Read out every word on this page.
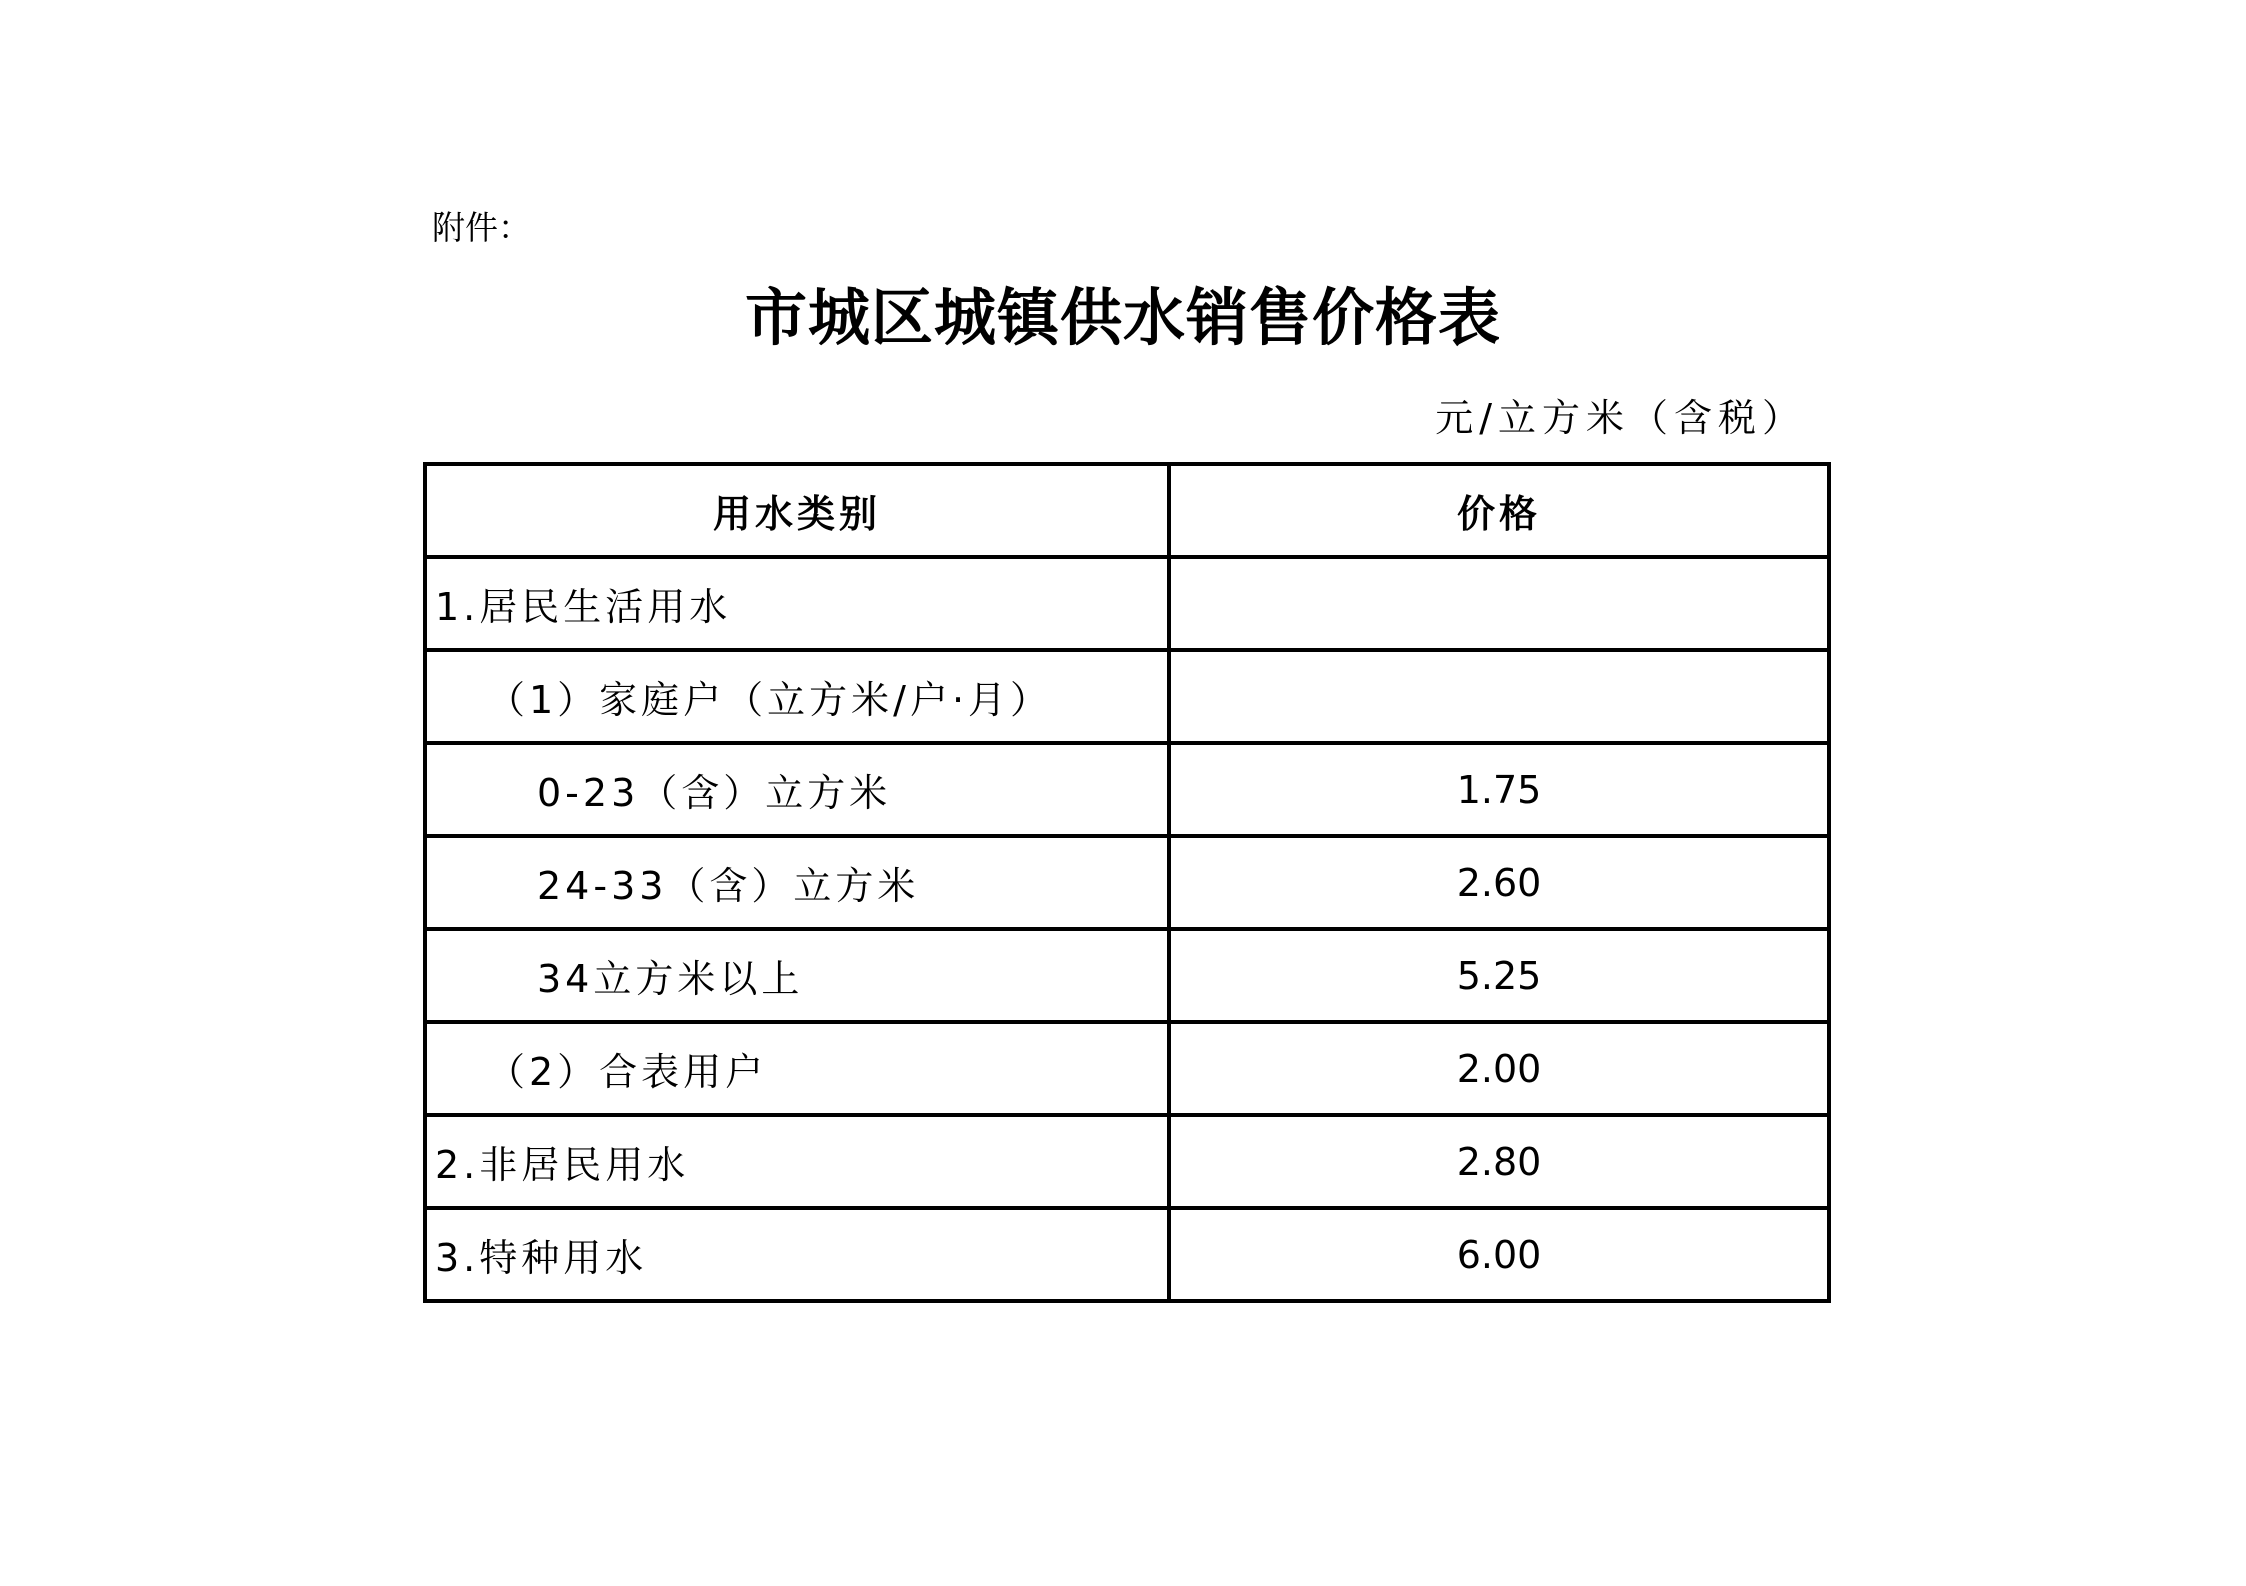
附件：
市城区城镇供水销售价格表
元/立方米（含税）
用水类别	价格
1.居民生活用水	
（1）家庭户（立方米/户·月）	
0-23（含）立方米	1.75
24-33（含）立方米	2.60
34立方米以上	5.25
（2）合表用户	2.00
2.非居民用水	2.80
3.特种用水	6.00
